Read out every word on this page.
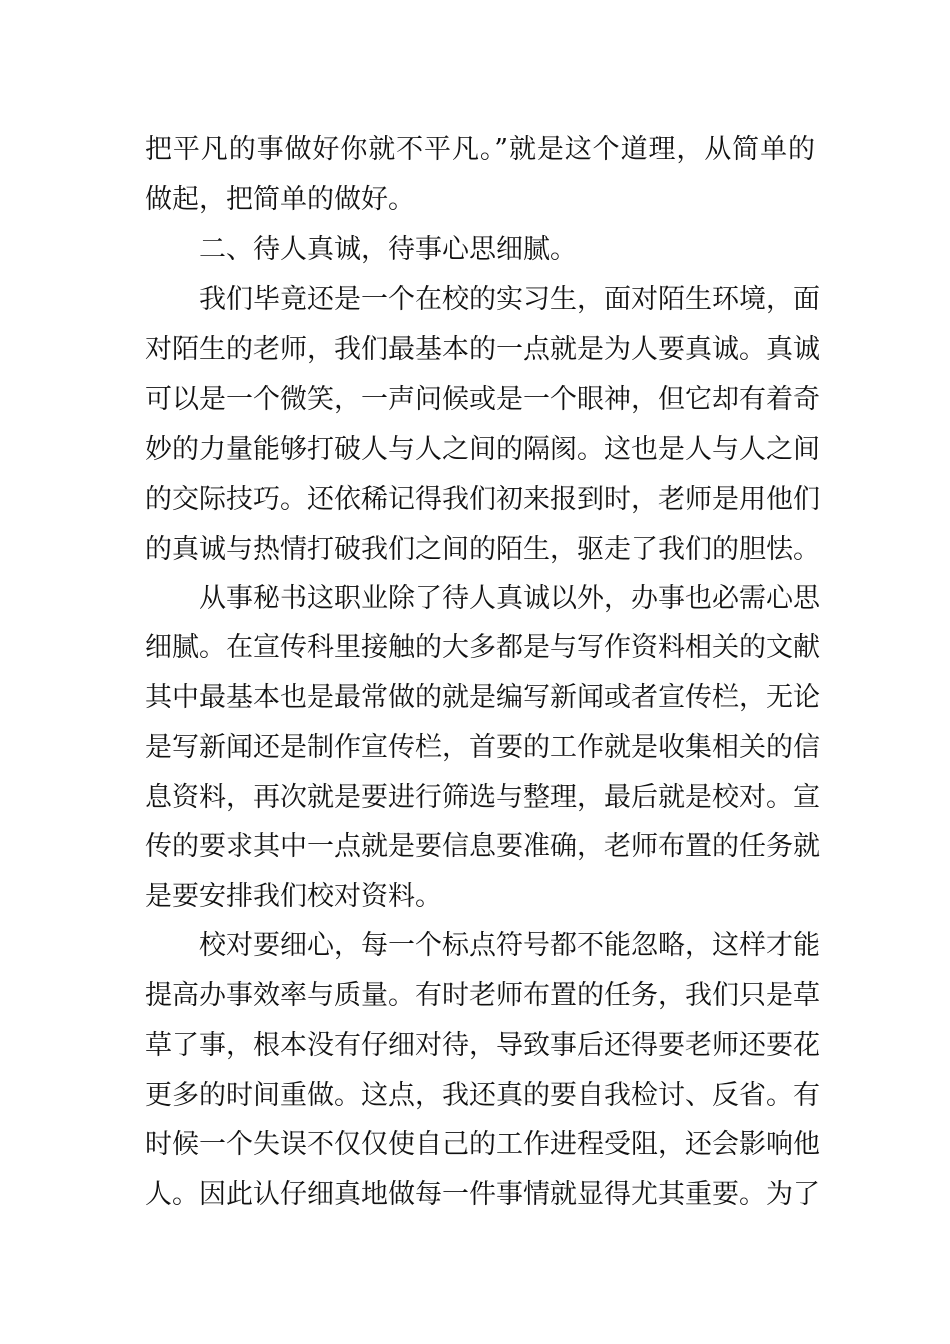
把平凡的事做好你就不平凡。”就是这个道理，从简单的
做起，把简单的做好。
二、待人真诚，待事心思细腻。
我们毕竟还是一个在校的实习生，面对陌生环境，面
对陌生的老师，我们最基本的一点就是为人要真诚。真诚
可以是一个微笑，一声问候或是一个眼神，但它却有着奇
妙的力量能够打破人与人之间的隔阂。这也是人与人之间
的交际技巧。还依稀记得我们初来报到时，老师是用他们
的真诚与热情打破我们之间的陌生，驱走了我们的胆怯。
从事秘书这职业除了待人真诚以外，办事也必需心思
细腻。在宣传科里接触的大多都是与写作资料相关的文献
其中最基本也是最常做的就是编写新闻或者宣传栏，无论
是写新闻还是制作宣传栏，首要的工作就是收集相关的信
息资料，再次就是要进行筛选与整理，最后就是校对。宣
传的要求其中一点就是要信息要准确，老师布置的任务就
是要安排我们校对资料。
校对要细心，每一个标点符号都不能忽略，这样才能
提高办事效率与质量。有时老师布置的任务，我们只是草
草了事，根本没有仔细对待，导致事后还得要老师还要花
更多的时间重做。这点，我还真的要自我检讨、反省。有
时候一个失误不仅仅使自己的工作进程受阻，还会影响他
人。因此认仔细真地做每一件事情就显得尤其重要。为了
